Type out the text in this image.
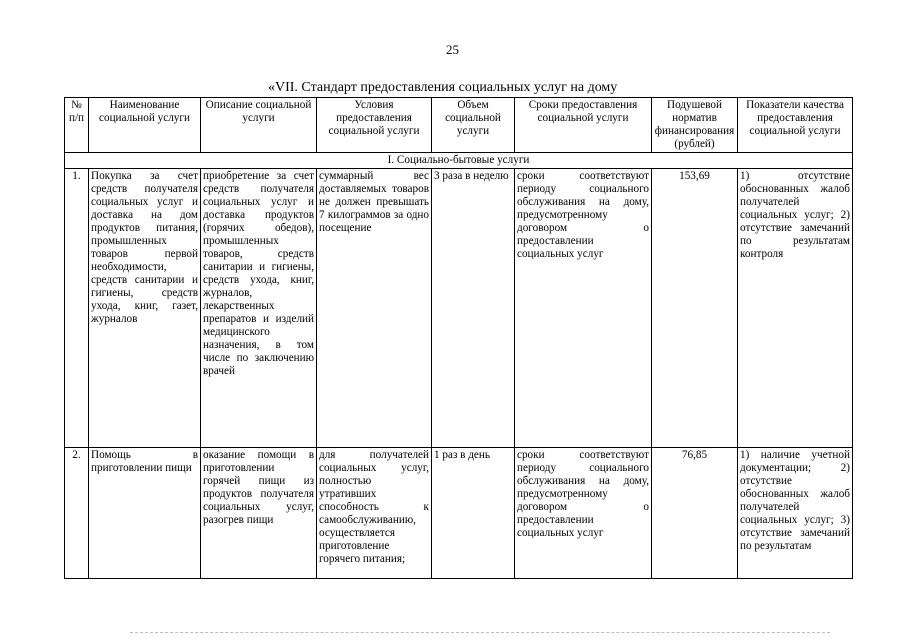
25
«VII. Стандарт предоставления социальных услуг на дому
№ п/п	Наименование социальной услуги	Описание социальной услуги	Условия предоставления социальной услуги	Объем социальной услуги	Сроки предоставления социальной услуги	Подушевой норматив финансирования (рублей)	Показатели качества предоставления социальной услуги
I. Социально-бытовые услуги							
1.	Покупка за счет средств получателя социальных услуг и доставка на дом продуктов питания, промышленных товаров первой необходимости, средств санитарии и гигиены, средств ухода, книг, газет, журналов	приобретение за счет средств получателя социальных услуг и доставка продуктов (горячих обедов), промышленных товаров, средств санитарии и гигиены, средств ухода, книг, журналов, лекарственных препаратов и изделий медицинского назначения, в том числе по заключению врачей	суммарный вес доставляемых товаров не должен превышать 7 килограммов за одно посещение	3 раза в неделю	сроки соответствуют периоду социального обслуживания на дому, предусмотренному договором о предоставлении социальных услуг	153,69	1) отсутствие обоснованных жалоб получателей социальных услуг; 2) отсутствие замечаний по результатам контроля
2.	Помощь в приготовлении пищи	оказание помощи в приготовлении горячей пищи из продуктов получателя социальных услуг, разогрев пищи	для получателей социальных услуг, полностью утративших способность к самообслуживанию, осуществляется приготовление горячего питания;	1 раз в день	сроки соответствуют периоду социального обслуживания на дому, предусмотренному договором о предоставлении социальных услуг	76,85	1) наличие учетной документации; 2) отсутствие обоснованных жалоб получателей социальных услуг; 3) отсутствие замечаний по результатам
